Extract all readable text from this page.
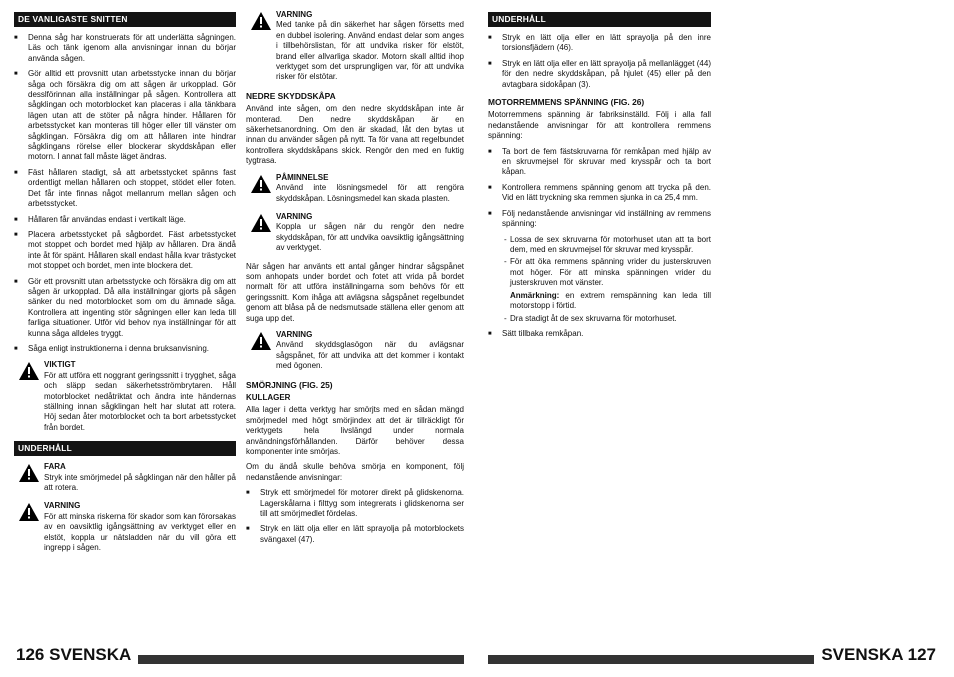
DE VANLIGASTE SNITTEN
■ Denna såg har konstruerats för att underlätta sågningen. Läs och tänk igenom alla anvisningar innan du börjar använda sågen.
■ Gör alltid ett provsnitt utan arbetsstycke innan du börjar såga och försäkra dig om att sågen är urkopplad. Gör desslförinnan alla inställningar på sågen. Kontrollera att sågklingan och motorblocket kan placeras i alla tänkbara lägen utan att de stöter på några hinder. Hållaren för arbetsstycket kan monteras till höger eller till vänster om sågklingan. Försäkra dig om att hållaren inte hindrar sågklingans rörelse eller blockerar skyddskåpan eller motorn. I annat fall måste läget ändras.
■ Fäst hållaren stadigt, så att arbetsstycket spänns fast ordentligt mellan hållaren och stoppet, stödet eller foten. Det får inte finnas något mellanrum mellan sågen och arbetsstycket.
■ Hållaren får användas endast i vertikalt läge.
■ Placera arbetsstycket på sågbordet. Fäst arbetsstycket mot stoppet och bordet med hjälp av hållaren. Dra ändå inte åt för spänt. Hållaren skall endast hålla kvar trästycket mot stoppet och bordet, men inte blockera det.
■ Gör ett provsnitt utan arbetsstycke och försäkra dig om att sågen är urkopplad. Då alla inställningar gjorts på sågen sänker du ned motorblocket som om du ämnade såga. Kontrollera att ingenting stör sågningen eller kan leda till farliga situationer. Utför vid behov nya inställningar för att kunna såga alldeles tryggt.
■ Såga enligt instruktionerna i denna bruksanvisning.
VIKTIGT
För att utföra ett noggrant geringssnitt i trygghet, såga och släpp sedan säkerhetsströmbrytaren. Håll motorblocket nedåtriktat och ändra inte händernas ställning innan sågklingan helt har slutat att rotera. Höj sedan åter motorblocket och ta bort arbetsstycket från bordet.
UNDERHÅLL
FARA
Stryk inte smörjmedel på sågklingan när den håller på att rotera.
VARNING
För att minska riskerna för skador som kan förorsakas av en oavsiktlig igångsättning av verktyget eller en elstöt, koppla ur nätsladden när du vill göra ett ingrepp i sågen.
VARNING
Med tanke på din säkerhet har sågen försetts med en dubbel isolering. Använd endast delar som anges i tillbehörslistan, för att undvika risker för elstöt, brand eller allvarliga skador. Motorn skall alltid ihop verktyget som det ursprungligen var, för att undvika risker för elstötar.
NEDRE SKYDDSKÅPA

Använd inte sågen, om den nedre skyddskåpan inte är monterad. Den nedre skyddskåpan är en säkerhetsanordning. Om den är skadad, låt den bytas ut innan du använder sågen på nytt. Ta för vana att regelbundet kontrollera skyddskåpans skick. Rengör den med en fuktig tygtrasa.

PÅMINNELSE
Använd inte lösningsmedel för att rengöra skyddskåpan. Lösningsmedel kan skada plasten.
VARNING
Koppla ur sågen när du rengör den nedre skyddskåpan, för att undvika oavsiktlig igångsättning av verktyget.

När sågen har använts ett antal gånger hindrar sågspånet som anhopats under bordet och fotet att vrida på bordet normalt för att utföra inställningarna som behövs för ett geringssnitt. Kom ihåga att avlägsna sågspånet regelbundet genom att blåsa på de nedsmutsade ställena eller genom att suga upp det.

VARNING
Använd skyddsglasögon när du avlägsnar sågspånet, för att undvika att det kommer i kontakt med ögonen.
SMÖRJNING (FIG. 25)
KULLAGER

Alla lager i detta verktyg har smörjts med en sådan mängd smörjmedel med högt smörjindex att det är tillräckligt för verktygets hela livslängd under normala användningsförhållanden. Därför behöver dessa komponenter inte smörjas.

Om du ändå skulle behöva smörja en komponent, följ nedanstående anvisningar:

■ Stryk ett smörjmedel för motorer direkt på glidskenorna. Lagerskålarna i filttyg som integrerats i glidskenorna ser till att smörjmedlet fördelas.
■ Stryk en lätt olja eller en lätt sprayolja på motorblockets svängaxel (47).
UNDERHÅLL
■ Stryk en lätt olja eller en lätt sprayolja på den inre torsionsfjädern (46).
■ Stryk en lätt olja eller en lätt sprayolja på mellanlägget (44) för den nedre skyddskåpan, på hjulet (45) eller på den avtagbara sidokåpan (3).
MOTORREMMENS SPÄNNING (FIG. 26)

Motorremmens spänning är fabriksinställd. Följ i alla fall nedanstående anvisningar för att kontrollera remmens spänning:

■ Ta bort de fem fästskruvarna för remkåpan med hjälp av en skruvmejsel för skruvar med krysspår och ta bort kåpan.
■ Kontrollera remmens spänning genom att trycka på den. Vid en lätt tryckning ska remmen sjunka in ca 25,4 mm.
■ Följ nedanstående anvisningar vid inställning av remmens spänning:
- Lossa de sex skruvarna för motorhuset utan att ta bort dem, med en skruvmejsel för skruvar med krysspår.
- För att öka remmens spänning vrider du justerskruven mot höger. För att minska spänningen vrider du justerskruven mot vänster.
Anmärkning: en extrem remspänning kan leda till motorstopp i förtid.
- Dra stadigt åt de sex skruvarna för motorhuset.
■ Sätt tillbaka remkåpan.
126 SVENSKA	SVENSKA 127
